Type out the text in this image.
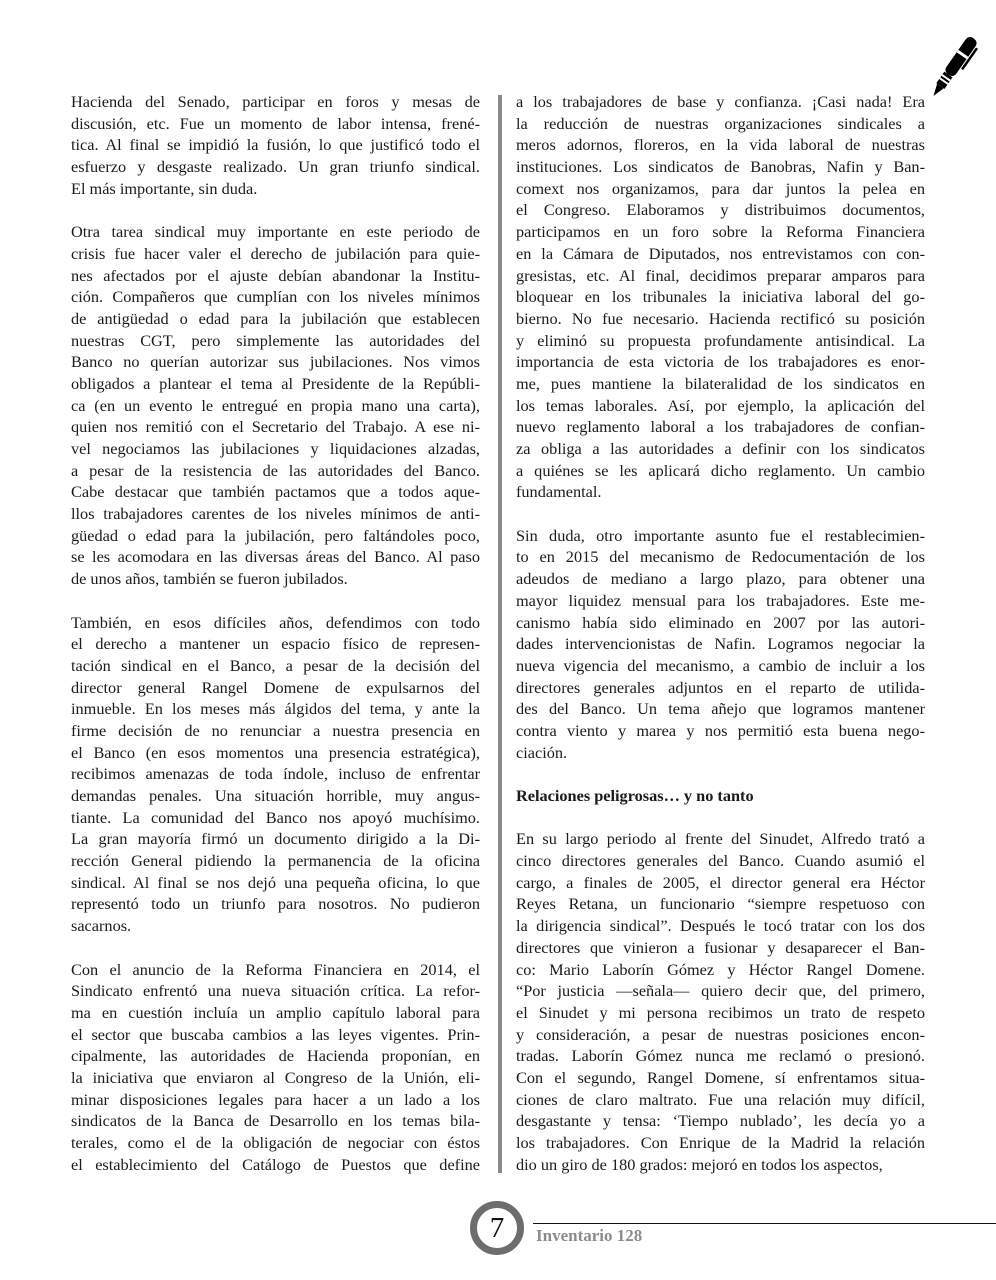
Hacienda del Senado, participar en foros y mesas de
discusión, etc. Fue un momento de labor intensa, frené-
tica. Al final se impidió la fusión, lo que justificó todo el
esfuerzo y desgaste realizado. Un gran triunfo sindical.
El más importante, sin duda.
Otra tarea sindical muy importante en este periodo de
crisis fue hacer valer el derecho de jubilación para quie-
nes afectados por el ajuste debían abandonar la Institu-
ción. Compañeros que cumplían con los niveles mínimos
de antigüedad o edad para la jubilación que establecen
nuestras CGT, pero simplemente las autoridades del
Banco no querían autorizar sus jubilaciones. Nos vimos
obligados a plantear el tema al Presidente de la Repúbli-
ca (en un evento le entregué en propia mano una carta),
quien nos remitió con el Secretario del Trabajo. A ese ni-
vel negociamos las jubilaciones y liquidaciones alzadas,
a pesar de la resistencia de las autoridades del Banco.
Cabe destacar que también pactamos que a todos aque-
llos trabajadores carentes de los niveles mínimos de anti-
güedad o edad para la jubilación, pero faltándoles poco,
se les acomodara en las diversas áreas del Banco. Al paso
de unos años, también se fueron jubilados.
También, en esos difíciles años, defendimos con todo
el derecho a mantener un espacio físico de represen-
tación sindical en el Banco, a pesar de la decisión del
director general Rangel Domene de expulsarnos del
inmueble. En los meses más álgidos del tema, y ante la
firme decisión de no renunciar a nuestra presencia en
el Banco (en esos momentos una presencia estratégica),
recibimos amenazas de toda índole, incluso de enfrentar
demandas penales. Una situación horrible, muy angus-
tiante. La comunidad del Banco nos apoyó muchísimo.
La gran mayoría firmó un documento dirigido a la Di-
rección General pidiendo la permanencia de la oficina
sindical. Al final se nos dejó una pequeña oficina, lo que
representó todo un triunfo para nosotros. No pudieron
sacarnos.
Con el anuncio de la Reforma Financiera en 2014, el
Sindicato enfrentó una nueva situación crítica. La refor-
ma en cuestión incluía un amplio capítulo laboral para
el sector que buscaba cambios a las leyes vigentes. Prin-
cipalmente, las autoridades de Hacienda proponían, en
la iniciativa que enviaron al Congreso de la Unión, eli-
minar disposiciones legales para hacer a un lado a los
sindicatos de la Banca de Desarrollo en los temas bila-
terales, como el de la obligación de negociar con éstos
el establecimiento del Catálogo de Puestos que define
a los trabajadores de base y confianza. ¡Casi nada! Era
la reducción de nuestras organizaciones sindicales a
meros adornos, floreros, en la vida laboral de nuestras
instituciones. Los sindicatos de Banobras, Nafin y Ban-
comext nos organizamos, para dar juntos la pelea en
el Congreso. Elaboramos y distribuimos documentos,
participamos en un foro sobre la Reforma Financiera
en la Cámara de Diputados, nos entrevistamos con con-
gresistas, etc. Al final, decidimos preparar amparos para
bloquear en los tribunales la iniciativa laboral del go-
bierno. No fue necesario. Hacienda rectificó su posición
y eliminó su propuesta profundamente antisindical. La
importancia de esta victoria de los trabajadores es enor-
me, pues mantiene la bilateralidad de los sindicatos en
los temas laborales. Así, por ejemplo, la aplicación del
nuevo reglamento laboral a los trabajadores de confian-
za obliga a las autoridades a definir con los sindicatos
a quiénes se les aplicará dicho reglamento. Un cambio
fundamental.
Sin duda, otro importante asunto fue el restablecimien-
to en 2015 del mecanismo de Redocumentación de los
adeudos de mediano a largo plazo, para obtener una
mayor liquidez mensual para los trabajadores. Este me-
canismo había sido eliminado en 2007 por las autori-
dades intervencionistas de Nafin. Logramos negociar la
nueva vigencia del mecanismo, a cambio de incluir a los
directores generales adjuntos en el reparto de utilida-
des del Banco. Un tema añejo que logramos mantener
contra viento y marea y nos permitió esta buena nego-
ciación.
Relaciones peligrosas… y no tanto
En su largo periodo al frente del Sinudet, Alfredo trató a
cinco directores generales del Banco. Cuando asumió el
cargo, a finales de 2005, el director general era Héctor
Reyes Retana, un funcionario “siempre respetuoso con
la dirigencia sindical”. Después le tocó tratar con los dos
directores que vinieron a fusionar y desaparecer el Ban-
co: Mario Laborín Gómez y Héctor Rangel Domene.
“Por justicia —señala— quiero decir que, del primero,
el Sinudet y mi persona recibimos un trato de respeto
y consideración, a pesar de nuestras posiciones encon-
tradas. Laborín Gómez nunca me reclamó o presionó.
Con el segundo, Rangel Domene, sí enfrentamos situa-
ciones de claro maltrato. Fue una relación muy difícil,
desgastante y tensa: ‘Tiempo nublado’, les decía yo a
los trabajadores. Con Enrique de la Madrid la relación
dio un giro de 180 grados: mejoró en todos los aspectos,
7 Inventario 128
